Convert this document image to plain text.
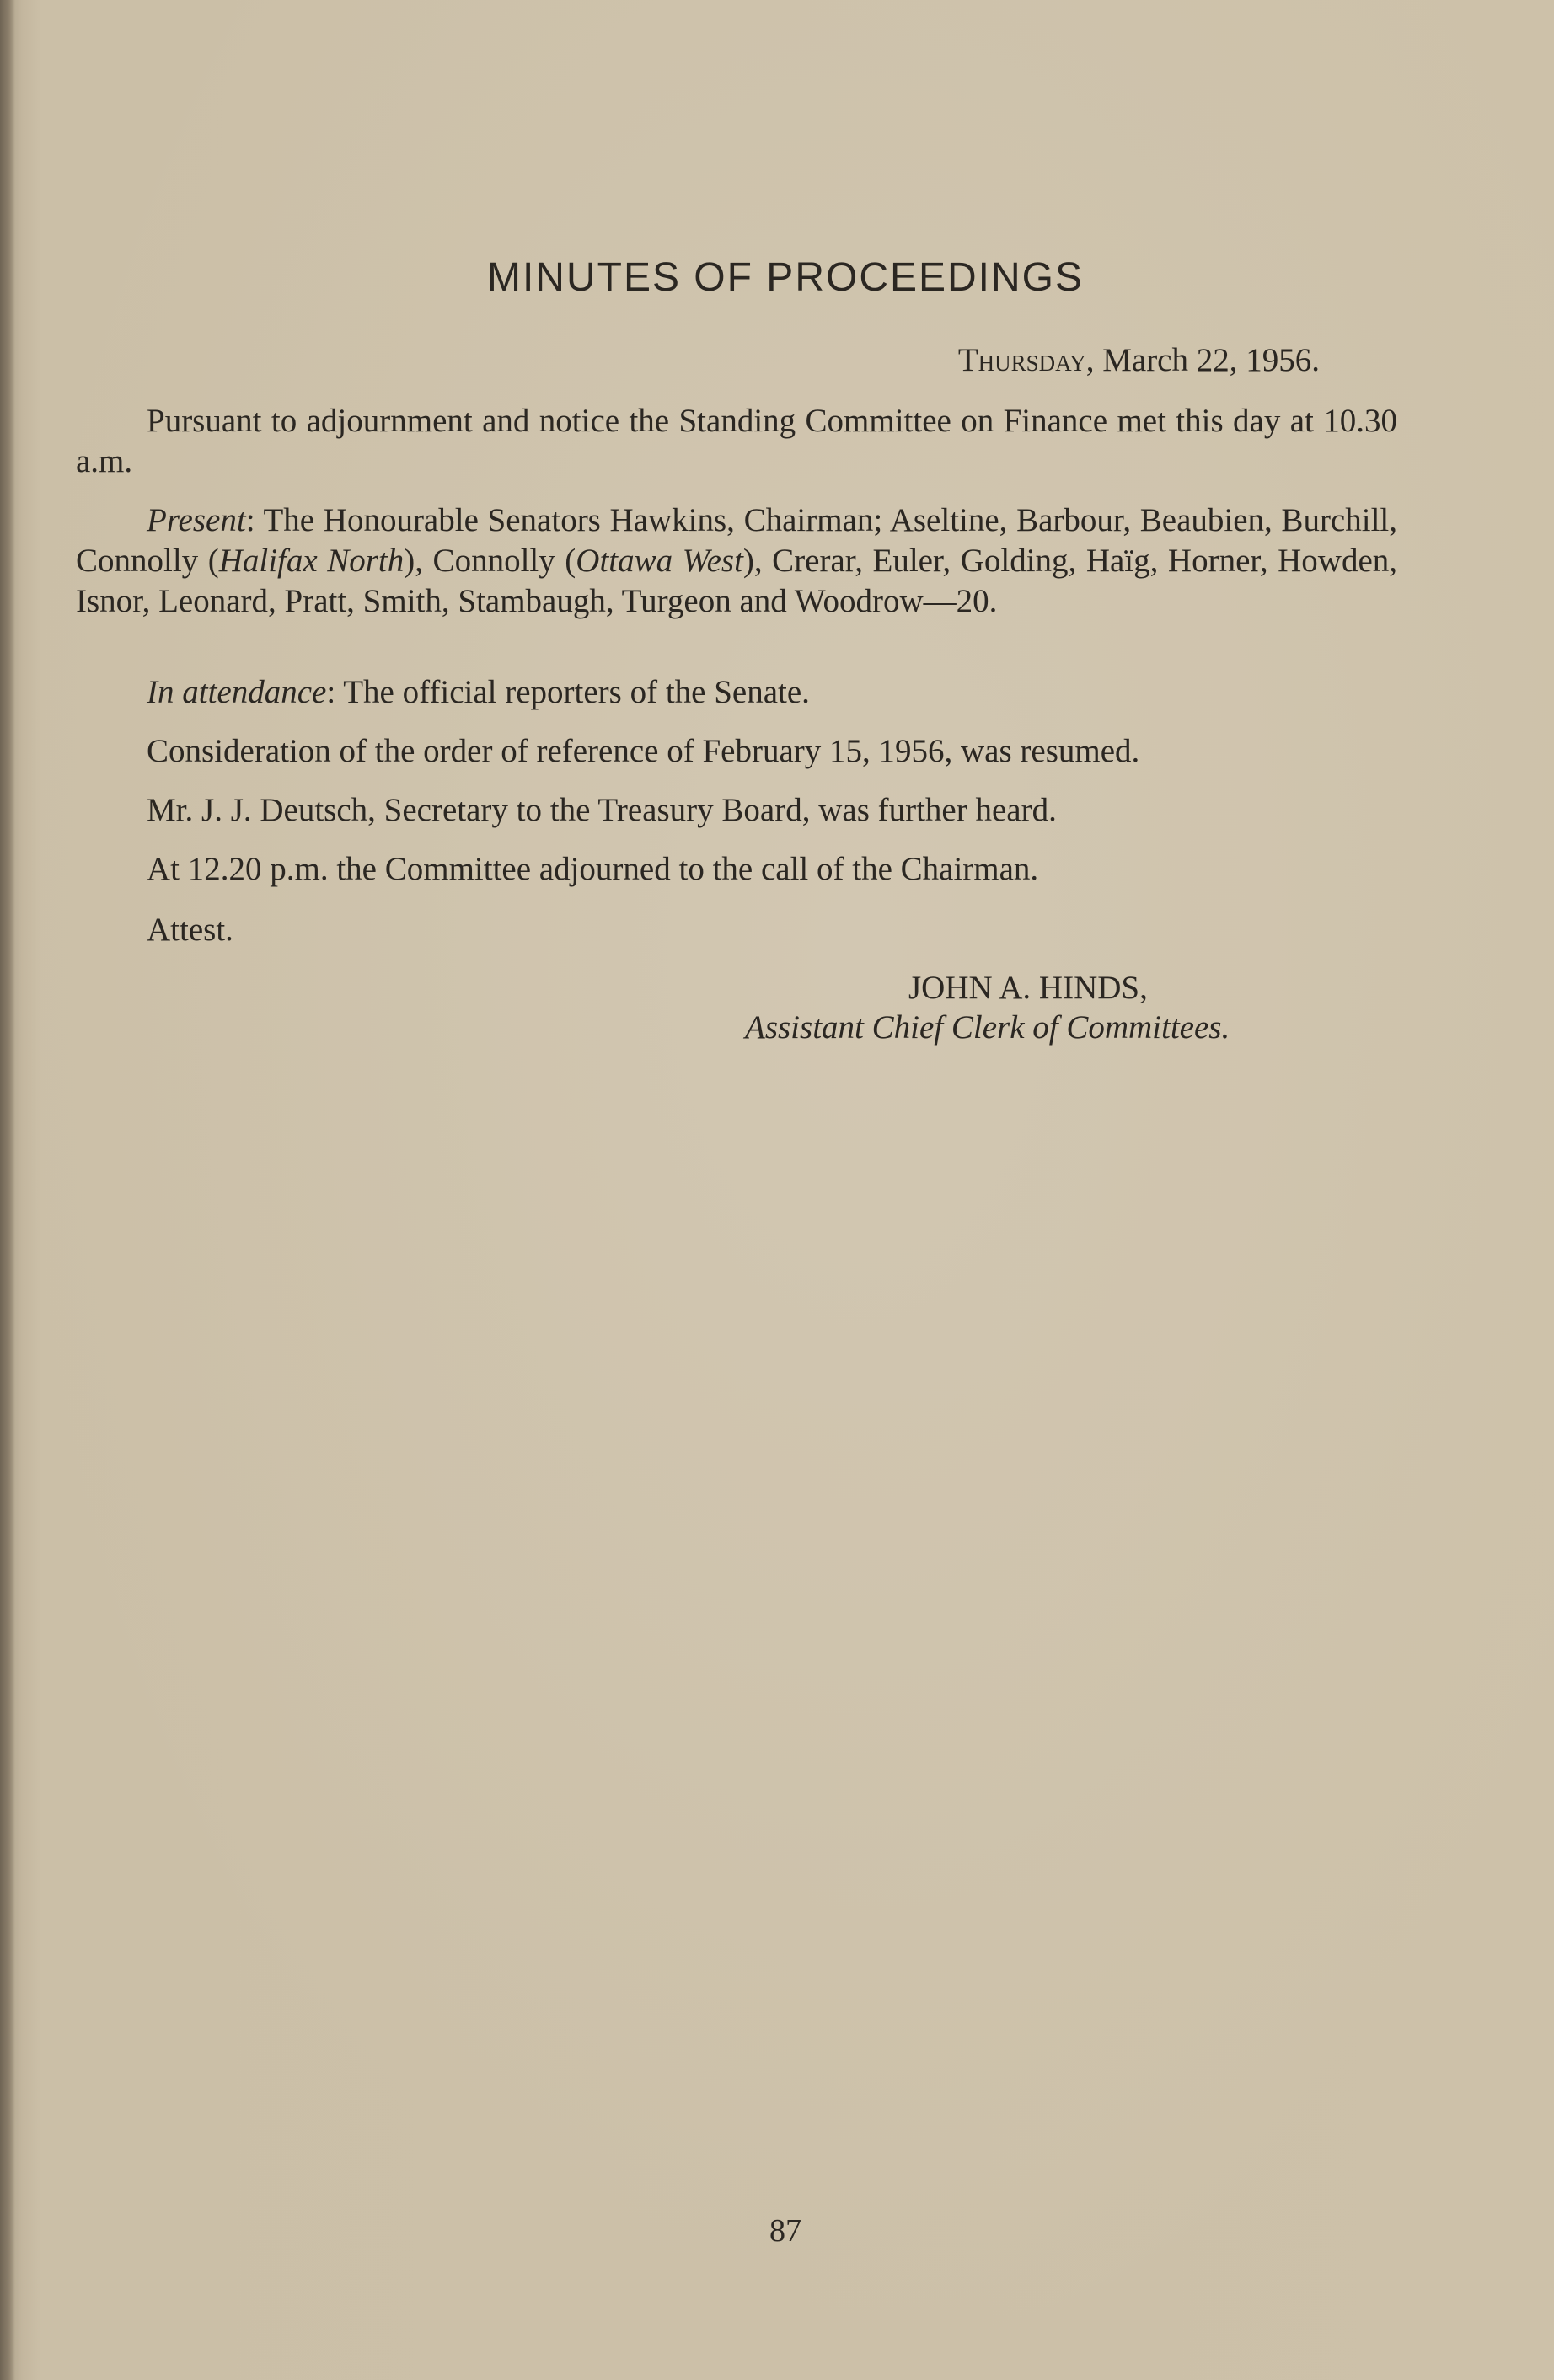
MINUTES OF PROCEEDINGS
Thursday, March 22, 1956.
Pursuant to adjournment and notice the Standing Committee on Finance met this day at 10.30 a.m.
Present: The Honourable Senators Hawkins, Chairman; Aseltine, Barbour, Beaubien, Burchill, Connolly (Halifax North), Connolly (Ottawa West), Crerar, Euler, Golding, Haïg, Horner, Howden, Isnor, Leonard, Pratt, Smith, Stambaugh, Turgeon and Woodrow—20.
In attendance: The official reporters of the Senate.
Consideration of the order of reference of February 15, 1956, was resumed.
Mr. J. J. Deutsch, Secretary to the Treasury Board, was further heard.
At 12.20 p.m. the Committee adjourned to the call of the Chairman.
Attest.
JOHN A. HINDS,
Assistant Chief Clerk of Committees.
87
